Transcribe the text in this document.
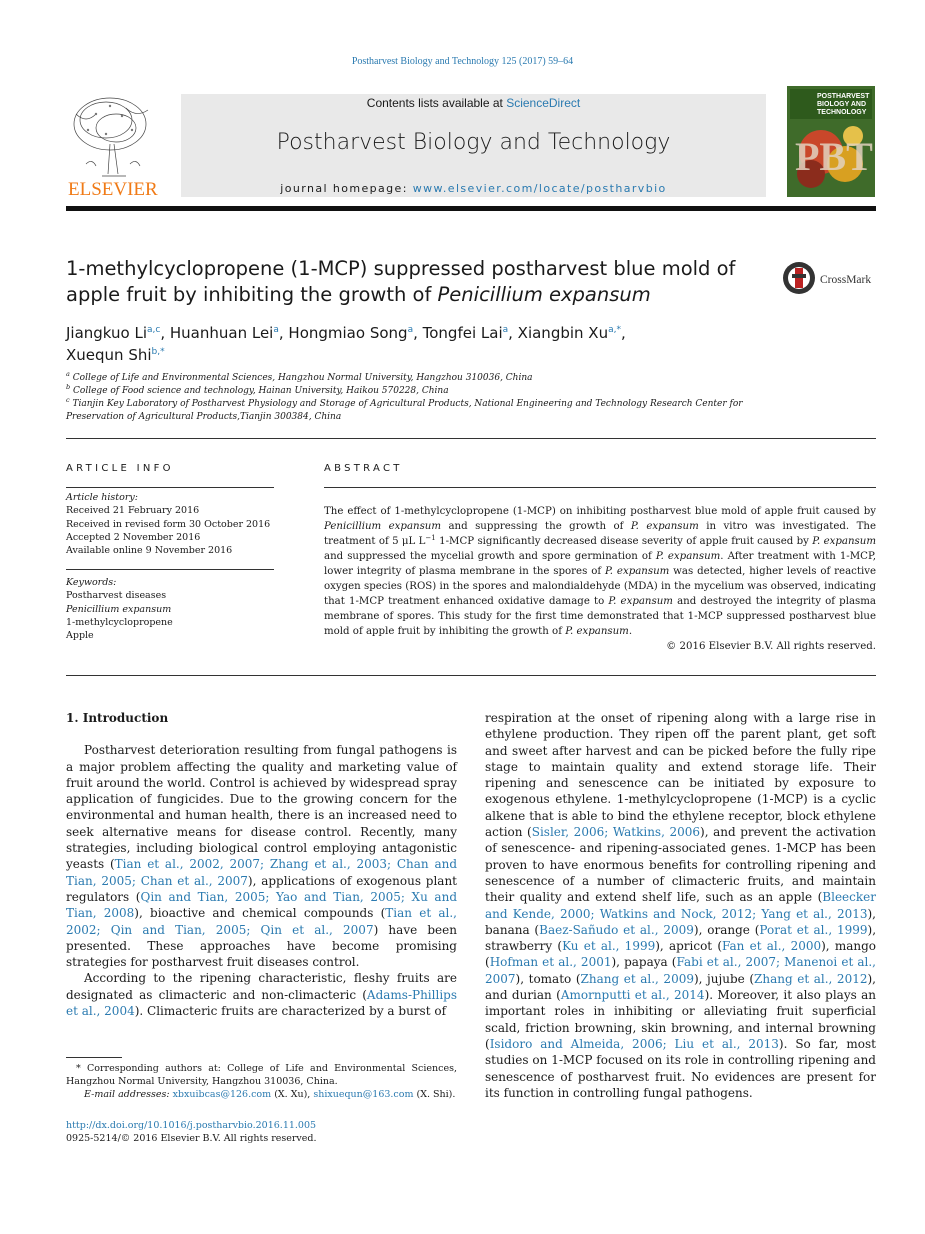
Postharvest Biology and Technology 125 (2017) 59–64
ELSEVIER
Contents lists available at ScienceDirect
Postharvest Biology and Technology
journal homepage: www.elsevier.com/locate/postharvbio
POSTHARVEST
BIOLOGY AND
TECHNOLOGY
PBT
1-methylcyclopropene (1-MCP) suppressed postharvest blue mold of
apple fruit by inhibiting the growth of Penicillium expansum
CrossMark
Jiangkuo Li$^{a,c}$, Huanhuan Lei$^a$, Hongmiao Song$^a$, Tongfei Lai$^a$, Xiangbin $Xu^{a,*}$,
Xuequn Shi$^{b,*}$
$^a$ College of Life and Environmental Sciences, Hangzhou Normal University, Hangzhou 310036, China
$^b$ College of Food science and technology, Hainan University, Haikou 570228, China
$^c$ Tianjin Key Laboratory of Postharvest Physiology and Storage of Agricultural Products, National Engineering and Technology Research Center for Preservation of Agricultural Products,Tianjin 300384, China
ARTICLE INFO
Article history:
Received 21 February 2016
Received in revised form 30 October 2016
Accepted 2 November 2016
Available online 9 November 2016
Keywords:
Postharvest diseases
Penicillium expansum
1-methylcyclopropene
Apple
ABSTRACT
The effect of 1-methylcyclopropene (1-MCP) on inhibiting postharvest blue mold of apple fruit caused by Penicillium expansum and suppressing the growth of P. expansum in vitro was investigated. The treatment of 5 μL $L^{-1}$ 1-MCP significantly decreased disease severity of apple fruit caused by P. expansum and suppressed the mycelial growth and spore germination of P. expansum. After treatment with 1-MCP, lower integrity of plasma membrane in the spores of P. expansum was detected, higher levels of reactive oxygen species (ROS) in the spores and malondialdehyde (MDA) in the mycelium was observed, indicating that 1-MCP treatment enhanced oxidative damage to P. expansum and destroyed the integrity of plasma membrane of spores. This study for the first time demonstrated that 1-MCP suppressed postharvest blue mold of apple fruit by inhibiting the growth of P. expansum.
© 2016 Elsevier B.V. All rights reserved.

1. Introduction

Postharvest deterioration resulting from fungal pathogens is a major problem affecting the quality and marketing value of fruit around the world. Control is achieved by widespread spray application of fungicides. Due to the growing concern for the environmental and human health, there is an increased need to seek alternative means for disease control. Recently, many strategies, including biological control employing antagonistic yeasts (Tian et al., 2002, 2007; Zhang et al., 2003; Chan and Tian, 2005; Chan et al., 2007), applications of exogenous plant regulators (Qin and Tian, 2005; Yao and Tian, 2005; Xu and Tian, 2008), bioactive and chemical compounds (Tian et al., 2002; Qin and Tian, 2005; Qin et al., 2007) have been presented. These approaches have become promising strategies for postharvest fruit diseases control.

According to the ripening characteristic, fleshy fruits are designated as climacteric and non-climacteric (Adams-Phillips et al., 2004). Climacteric fruits are characterized by a burst of

respiration at the onset of ripening along with a large rise in ethylene production. They ripen off the parent plant, get soft and sweet after harvest and can be picked before the fully ripe stage to maintain quality and extend storage life. Their ripening and senescence can be initiated by exposure to exogenous ethylene. 1-methylcyclopropene (1-MCP) is a cyclic alkene that is able to bind the ethylene receptor, block ethylene action (Sisler, 2006; Watkins, 2006), and prevent the activation of senescence- and ripening-associated genes. 1-MCP has been proven to have enormous benefits for controlling ripening and senescence of a number of climacteric fruits, and maintain their quality and extend shelf life, such as an apple (Bleecker and Kende, 2000; Watkins and Nock, 2012; Yang et al., 2013), banana (Baez-Sañudo et al., 2009), orange (Porat et al., 1999), strawberry (Ku et al., 1999), apricot (Fan et al., 2000), mango (Hofman et al., 2001), papaya (Fabi et al., 2007; Manenoi et al., 2007), tomato (Zhang et al., 2009), jujube (Zhang et al., 2012), and durian (Amornputti et al., 2014). Moreover, it also plays an important roles in inhibiting or alleviating fruit superficial scald, friction browning, skin browning, and internal browning (Isidoro and Almeida, 2006; Liu et al., 2013). So far, most studies on 1-MCP focused on its role in controlling ripening and senescence of postharvest fruit. No evidences are present for its function in controlling fungal pathogens.

* Corresponding authors at: College of Life and Environmental Sciences, Hangzhou Normal University, Hangzhou 310036, China.
E-mail addresses: xbxuibcas@126.com (X. Xu), shixuequn@163.com (X. Shi).
http://dx.doi.org/10.1016/j.postharvbio.2016.11.005
0925-5214/© 2016 Elsevier B.V. All rights reserved.
